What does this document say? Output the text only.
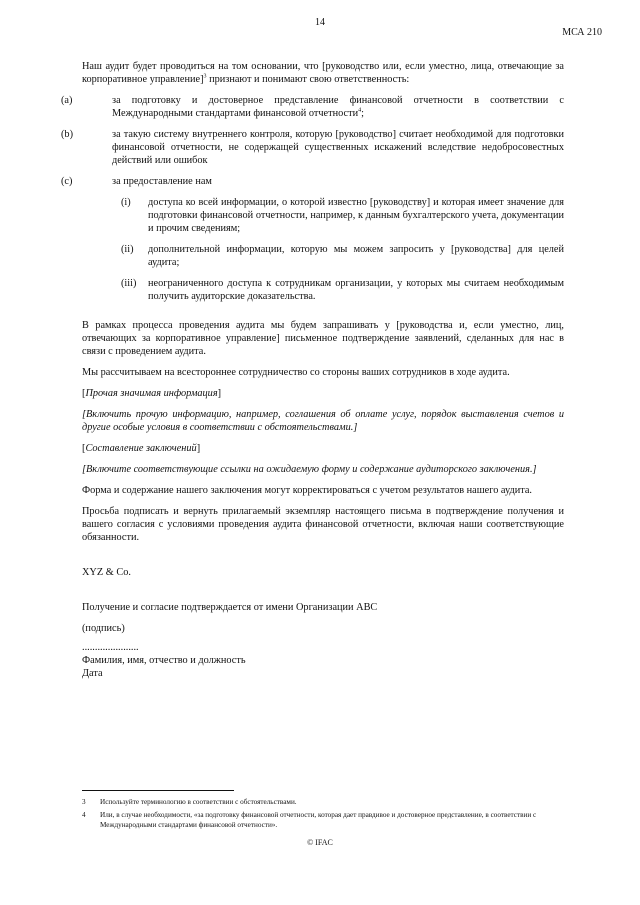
14
МСА 210

Наш аудит будет проводиться на том основании, что [руководство или, если уместно, лица, отвечающие за корпоративное управление]$^3$ признают и понимают свою ответственность:

(a)	за подготовку и достоверное представление финансовой отчетности в соответствии с Международными стандартами финансовой отчетности$^4$;
(b)	за такую систему внутреннего контроля, которую [руководство] считает необходимой для подготовки финансовой отчетности, не содержащей существенных искажений вследствие недобросовестных действий или ошибок
(c)	за предоставление нам
(i)	доступа ко всей информации, о которой известно [руководству] и которая имеет значение для подготовки финансовой отчетности, например, к данным бухгалтерского учета, документации и прочим сведениям;
(ii)	дополнительной информации, которую мы можем запросить у [руководства] для целей аудита;
(iii)	неограниченного доступа к сотрудникам организации, у которых мы считаем необходимым получить аудиторские доказательства.

В рамках процесса проведения аудита мы будем запрашивать у [руководства и, если уместно, лиц, отвечающих за корпоративное управление] письменное подтверждение заявлений, сделанных для нас в связи с проведением аудита.

Мы рассчитываем на всестороннее сотрудничество со стороны ваших сотрудников в ходе аудита.

[Прочая значимая информация]

[Включить прочую информацию, например, соглашения об оплате услуг, порядок выставления счетов и другие особые условия в соответствии с обстоятельствами.]

[Составление заключений]

[Включите соответствующие ссылки на ожидаемую форму и содержание аудиторского заключения.]

Форма и содержание нашего заключения могут корректироваться с учетом результатов нашего аудита.

Просьба подписать и вернуть прилагаемый экземпляр настоящего письма в подтверждение получения и вашего согласия с условиями проведения аудита финансовой отчетности, включая наши соответствующие обязанности.

XYZ & Co.

Получение и согласие подтверждается от имени Организации ABC

(подпись)

......................

Фамилия, имя, отчество и должность

Дата

3	Используйте терминологию в соответствии с обстоятельствами.
4	Или, в случае необходимости, «за подготовку финансовой отчетности, которая дает правдивое и достоверное представление, в соответствии с Международными стандартами финансовой отчетности».
© IFAC
